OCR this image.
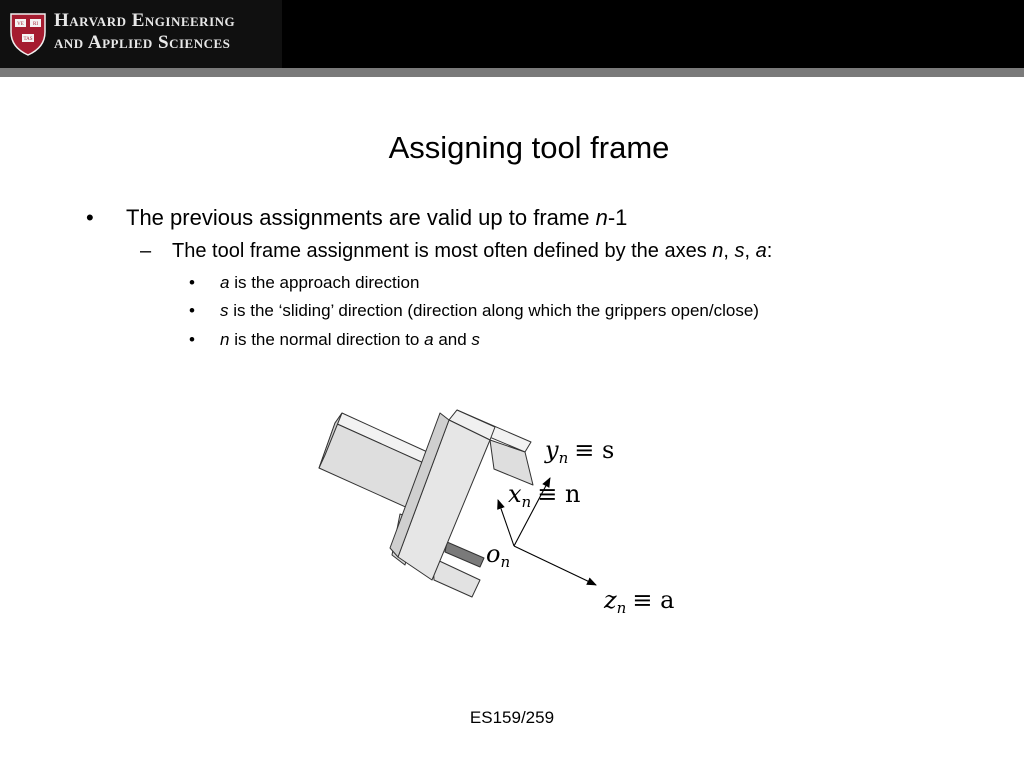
VE RI
TAS
Harvard Engineering
and Applied Sciences
Assigning tool frame
• The previous assignments are valid up to frame n-1
– The tool frame assignment is most often defined by the axes n, s, a:
• a is the approach direction
• s is the ‘sliding’ direction (direction along which the grippers open/close)
• n is the normal direction to a and s
$y_n \equiv s$
$x_n \equiv n$
$o_n$
$z_n \equiv a$
ES159/259
